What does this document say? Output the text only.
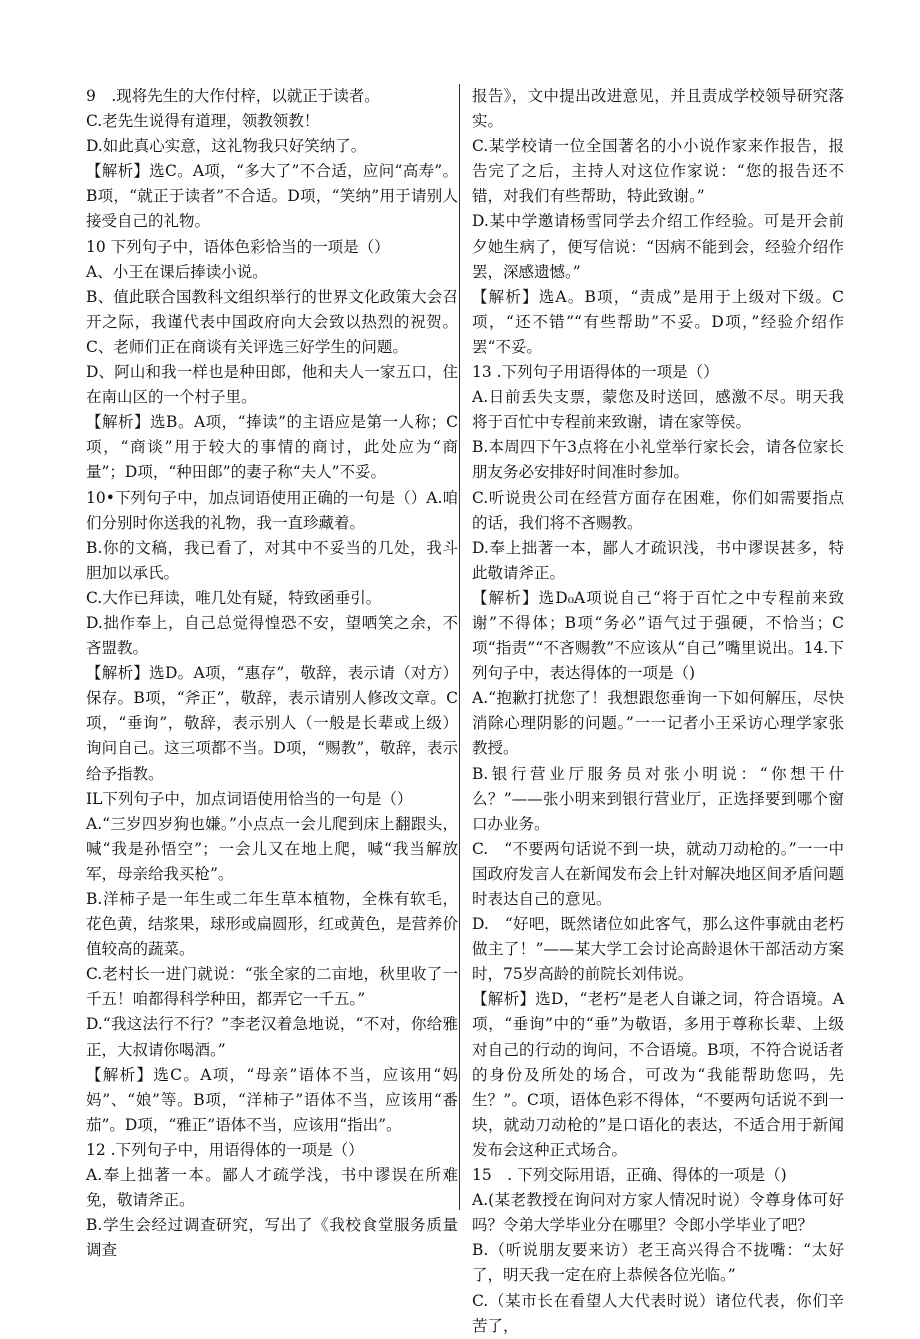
9　.现将先生的大作付梓，以就正于读者。

C.老先生说得有道理，领教领教！

D.如此真心实意，这礼物我只好笑纳了。

【解析】选C。A项，“多大了”不合适，应问“高寿”。B项，“就正于读者”不合适。D项，“笑纳”用于请别人接受自己的礼物。

10 下列句子中，语体色彩恰当的一项是（）

A、小王在课后捧读小说。

B、值此联合国教科文组织举行的世界文化政策大会召开之际，我谨代表中国政府向大会致以热烈的祝贺。C、老师们正在商谈有关评选三好学生的问题。

D、阿山和我一样也是种田郎，他和夫人一家五口，住在南山区的一个村子里。

【解析】选B。A项，“捧读”的主语应是第一人称；C项，“商谈”用于较大的事情的商讨，此处应为“商量”；D项，“种田郎”的妻子称“夫人”不妥。

10•下列句子中，加点词语使用正确的一句是（）A.咱们分别时你送我的礼物，我一直珍藏着。

B.你的文稿，我已看了，对其中不妥当的几处，我斗胆加以承氏。

C.大作已拜读，唯几处有疑，特致函垂引。

D.拙作奉上，自己总觉得惶恐不安，望哂笑之余，不吝盟教。

【解析】选D。A项，“惠存”，敬辞，表示请（对方）保存。B项，“斧正”，敬辞，表示请别人修改文章。C项，“垂询”，敬辞，表示别人（一般是长辈或上级）询问自己。这三项都不当。D项，“赐教”，敬辞，表示给予指教。

IL下列句子中，加点词语使用恰当的一句是（）

A.“三岁四岁狗也嫌。”小点点一会儿爬到床上翻跟头，喊“我是孙悟空”；一会儿又在地上爬，喊“我当解放军，母亲给我买枪”。

B.洋柿子是一年生或二年生草本植物，全株有软毛，花色黄，结浆果，球形或扁圆形，红或黄色，是营养价值较高的蔬菜。

C.老村长一进门就说：“张全家的二亩地，秋里收了一千五！咱都得科学种田，都弄它一千五。”

D.“我这法行不行？”李老汉着急地说，“不对，你给雅正，大叔请你喝酒。”

【解析】选C。A项，“母亲”语体不当，应该用“妈妈”、“娘”等。B项，“洋柿子”语体不当，应该用“番茄”。D项，“雅正”语体不当，应该用“指出”。

12 .下列句子中，用语得体的一项是（）

A.奉上拙著一本。鄙人才疏学浅，书中谬误在所难免，敬请斧正。

B.学生会经过调查研究，写出了《我校食堂服务质量调查

报告》，文中提出改进意见，并且责成学校领导研究落实。

C.某学校请一位全国著名的小小说作家来作报告，报告完了之后，主持人对这位作家说：“您的报告还不错，对我们有些帮助，特此致谢。”

D.某中学邀请杨雪同学去介绍工作经验。可是开会前夕她生病了，便写信说：“因病不能到会，经验介绍作罢，深感遗憾。”

【解析】选A。B项，“责成”是用于上级对下级。C项，“还不错”“有些帮助”不妥。D项，”经验介绍作罢“不妥。

13 .下列句子用语得体的一项是（）

A.日前丢失支票，蒙您及时送回，感激不尽。明天我将于百忙中专程前来致谢，请在家等侯。

B.本周四下午3点将在小礼堂举行家长会，请各位家长朋友务必安排好时间准时参加。

C.听说贵公司在经营方面存在困难，你们如需要指点的话，我们将不吝赐教。

D.奉上拙著一本，鄙人才疏识浅，书中谬误甚多，特此敬请斧正。

【解析】选D₀A项说自己“将于百忙之中专程前来致谢”不得体；B项“务必”语气过于强硬，不恰当；C项“指责”“不吝赐教”不应该从“自己”嘴里说出。14.下列句子中，表达得体的一项是（)

A.“抱歉打扰您了！我想跟您垂询一下如何解压，尽快消除心理阴影的问题。”一一记者小王采访心理学家张教授。

B.银行营业厅服务员对张小明说：“你想干什么？”——张小明来到银行营业厅，正选择要到哪个窗口办业务。

C.　“不要两句话说不到一块，就动刀动枪的。”一一中国政府发言人在新闻发布会上针对解决地区间矛盾问题时表达自己的意见。

D.　“好吧，既然诸位如此客气，那么这件事就由老朽做主了！”——某大学工会讨论高龄退休干部活动方案时，75岁高龄的前院长刘伟说。

【解析】选D，“老朽”是老人自谦之词，符合语境。A项，“垂询”中的“垂”为敬语，多用于尊称长辈、上级对自己的行动的询问，不合语境。B项，不符合说话者的身份及所处的场合，可改为“我能帮助您吗，先生？”。C项，语体色彩不得体，“不要两句话说不到一块，就动刀动枪的”是口语化的表达，不适合用于新闻发布会这种正式场合。

15　. 下列交际用语，正确、得体的一项是（)

A.(某老教授在询问对方家人情况时说）令尊身体可好吗？令弟大学毕业分在哪里？令郎小学毕业了吧？

B.（听说朋友要来访）老王高兴得合不拢嘴：“太好了，明天我一定在府上恭候各位光临。”

C.（某市长在看望人大代表时说）诸位代表，你们辛苦了，
